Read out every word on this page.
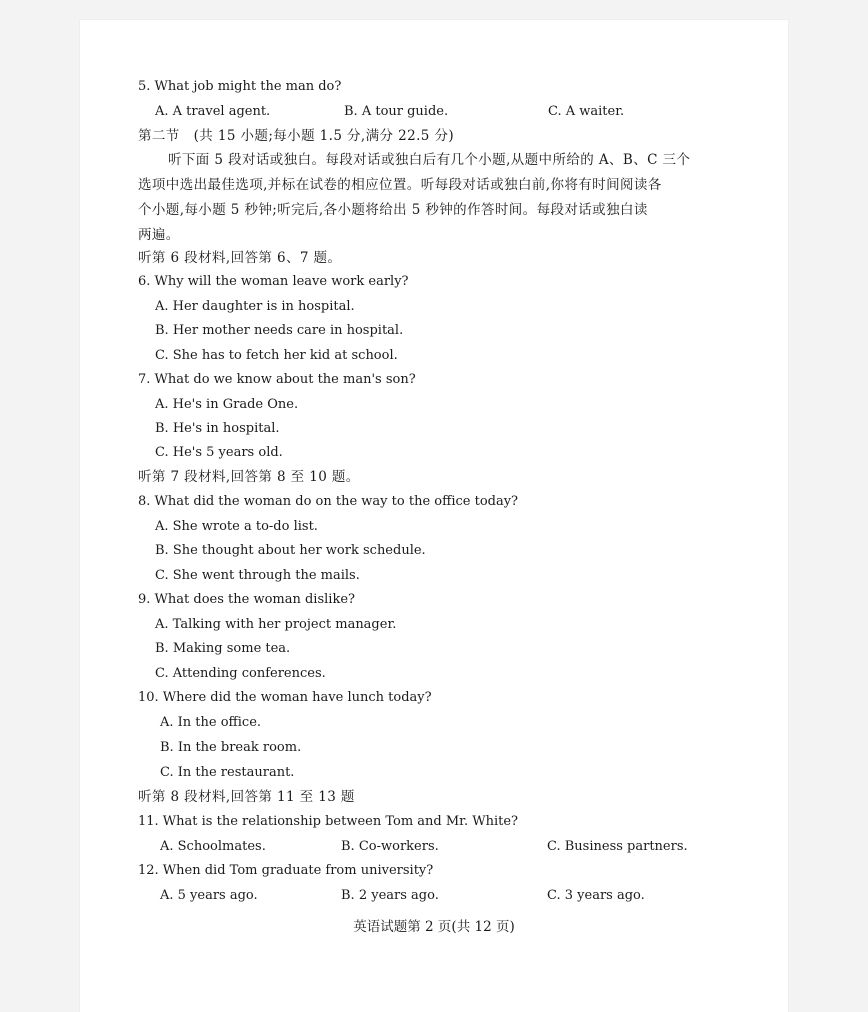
5. What job might the man do?
A. A travel agent.	B. A tour guide.	C. A waiter.
第二节　(共 15 小题;每小题 1.5 分,满分 22.5 分)
听下面 5 段对话或独白。每段对话或独白后有几个小题,从题中所给的 A、B、C 三个
选项中选出最佳选项,并标在试卷的相应位置。听每段对话或独白前,你将有时间阅读各
个小题,每小题 5 秒钟;听完后,各小题将给出 5 秒钟的作答时间。每段对话或独白读
两遍。
听第 6 段材料,回答第 6、7 题。
6. Why will the woman leave work early?
A. Her daughter is in hospital.
B. Her mother needs care in hospital.
C. She has to fetch her kid at school.
7. What do we know about the man's son?
A. He's in Grade One.
B. He's in hospital.
C. He's 5 years old.
听第 7 段材料,回答第 8 至 10 题。
8. What did the woman do on the way to the office today?
A. She wrote a to-do list.
B. She thought about her work schedule.
C. She went through the mails.
9. What does the woman dislike?
A. Talking with her project manager.
B. Making some tea.
C. Attending conferences.
10. Where did the woman have lunch today?
A. In the office.
B. In the break room.
C. In the restaurant.
听第 8 段材料,回答第 11 至 13 题
11. What is the relationship between Tom and Mr. White?
A. Schoolmates.	B. Co-workers.	C. Business partners.
12. When did Tom graduate from university?
A. 5 years ago.	B. 2 years ago.	C. 3 years ago.
英语试题第 2 页(共 12 页)
